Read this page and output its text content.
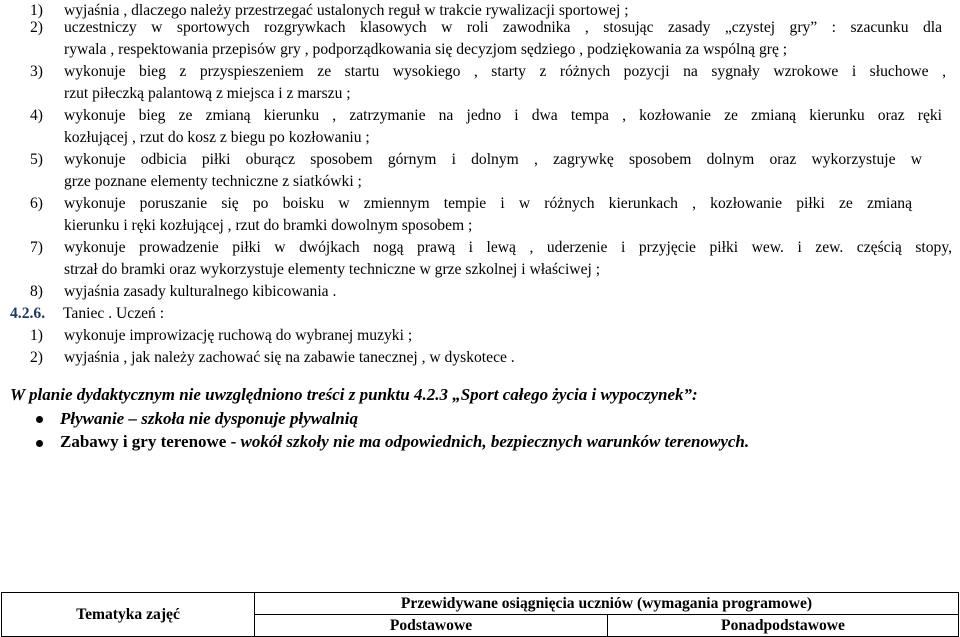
1) wyjaśnia , dlaczego należy przestrzegać ustalonych reguł w trakcie rywalizacji sportowej ;
2) uczestniczy w sportowych rozgrywkach klasowych w roli zawodnika , stosując zasady „czystej gry” : szacunku dla
rywala , respektowania przepisów gry , podporządkowania się decyzjom sędziego , podziękowania za wspólną grę ;
3) wykonuje bieg z przyspieszeniem ze startu wysokiego , starty z różnych pozycji na sygnały wzrokowe i słuchowe ,
rzut piłeczką palantową z miejsca i z marszu ;
4) wykonuje bieg ze zmianą kierunku , zatrzymanie na jedno i dwa tempa , kozłowanie ze zmianą kierunku oraz ręki
kozłującej , rzut do kosz z biegu po kozłowaniu ;
5) wykonuje odbicia piłki oburącz sposobem górnym i dolnym , zagrywkę sposobem dolnym oraz wykorzystuje w
grze poznane elementy techniczne z siatkówki ;
6) wykonuje poruszanie się po boisku w zmiennym tempie i w różnych kierunkach , kozłowanie piłki ze zmianą
kierunku i ręki kozłującej , rzut do bramki dowolnym sposobem ;
7) wykonuje prowadzenie piłki w dwójkach nogą prawą i lewą , uderzenie i przyjęcie piłki wew. i zew. częścią stopy,
strzał do bramki oraz wykorzystuje elementy techniczne w grze szkolnej i właściwej ;
8) wyjaśnia zasady kulturalnego kibicowania .
4.2.6. Taniec . Uczeń :
1) wykonuje improwizację ruchową do wybranej muzyki ;
2) wyjaśnia , jak należy zachować się na zabawie tanecznej , w dyskotece .
W planie dydaktycznym nie uwzględniono treści z punktu 4.2.3 „Sport całego życia i wypoczynek”:
Pływanie – szkoła nie dysponuje pływalnią
Zabawy i gry terenowe - wokół szkoły nie ma odpowiednich, bezpiecznych warunków terenowych.
Tematyka zajęć	Przewidywane osiągnięcia uczniów (wymagania programowe)	
	Podstawowe	Ponadpodstawowe
